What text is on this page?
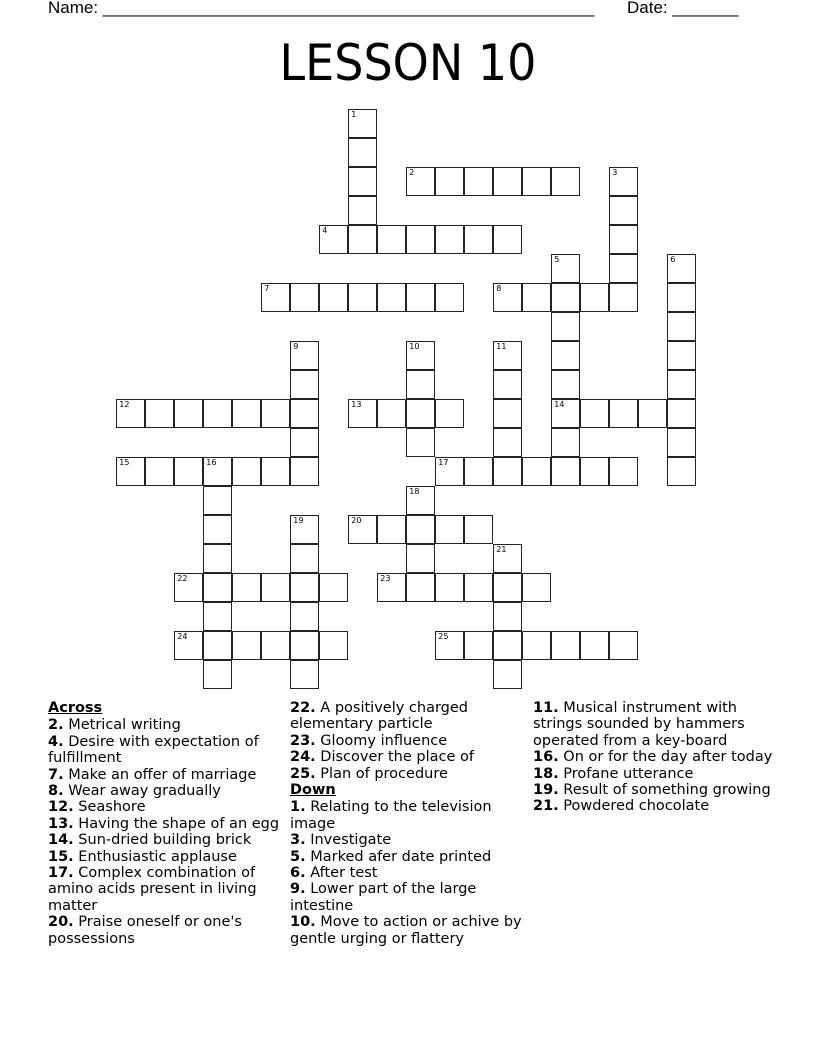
Name: ____________________________________________________ Date: _______
LESSON 10
1
2	3
4
5
14
6
7	8
9	10	11
12	13
15	16	17
18
19	20
21
22	23
24	25
Across
2. Metrical writing
4. Desire with expectation of fulfillment
7. Make an offer of marriage
8. Wear away gradually
12. Seashore
13. Having the shape of an egg
14. Sun-dried building brick
15. Enthusiastic applause
17. Complex combination of amino acids present in living matter
20. Praise oneself or one's possessions
22. A positively charged elementary particle
23. Gloomy influence
24. Discover the place of
25. Plan of procedure
Down
1. Relating to the television image
3. Investigate
5. Marked afer date printed
6. After test
9. Lower part of the large intestine
10. Move to action or achive by gentle urging or flattery
11. Musical instrument with strings sounded by hammers operated from a key-board
16. On or for the day after today
18. Profane utterance
19. Result of something growing
21. Powdered chocolate
